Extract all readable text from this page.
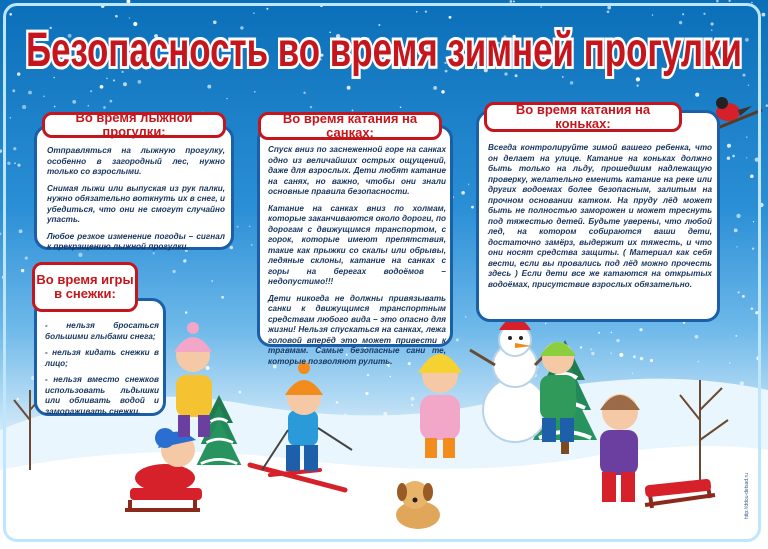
Безопасность во время зимней прогулки
Безопасность во время зимней прогулки

Отправляться на лыжную прогулку, особенно в загородный лес, нужно только со взрослыми.

Снимая лыжи или выпуская из рук палки, нужно обязательно воткнуть их в снег, и убедиться, что они не смогут случайно упасть.

Любое резкое изменение погоды – сигнал к прекращению лыжной прогулки.

Во время лыжной прогулки:

- нельзя бросаться большими глыбами снега;

- нельзя кидать снежки в лицо;

- нельзя вместо снежков использовать льдышки или обливать водой и замораживать снежки.

Во время игры
в снежки:

Спуск вниз по заснеженной горе на санках одно из величайших острых ощущений, даже для взрослых. Дети любят катание на санях, но важно, чтобы они знали основные правила безопасности.

Катание на санках вниз по холмам, которые заканчиваются около дороги, по дорогам с движущимся транспортом, с горок, которые имеют препятствия, такие как прыжки со скалы или обрывы, ледяные склоны, катание на санках с горы на берегах водоёмов – недопустимо!!!

Дети никогда не должны привязывать санки к движущимся транспортным средствам любого вида – это опасно для жизни! Нельзя спускаться на санках, лежа головой вперёд это может привести к травмам. Самые безопасные сани те, которые позволяют рулить.

Во время катания на санках:

Всегда контролируйте зимой вашего ребенка, что он делает на улице. Катание на коньках должно быть только на льду, прошедшим надлежащую проверку, желательно еменить катание на реке или других водоемах более безопасным, залитым на прочном основании катком. На пруду лёд может быть не полностью заморожен и может треснуть под тяжестью детей. Будьте уверены, что любой лед, на котором собираются ваши дети, достаточно замёрз, выдержит их тяжесть, и что они носят средства защиты. ( Материал как себя вести, если вы провались под лёд можно прочесть здесь ) Если дети все же катаются на открытых водоёмах, присутствие взрослых обязательно.

Во время катания на коньках:
http://ddou-detsad.ru
